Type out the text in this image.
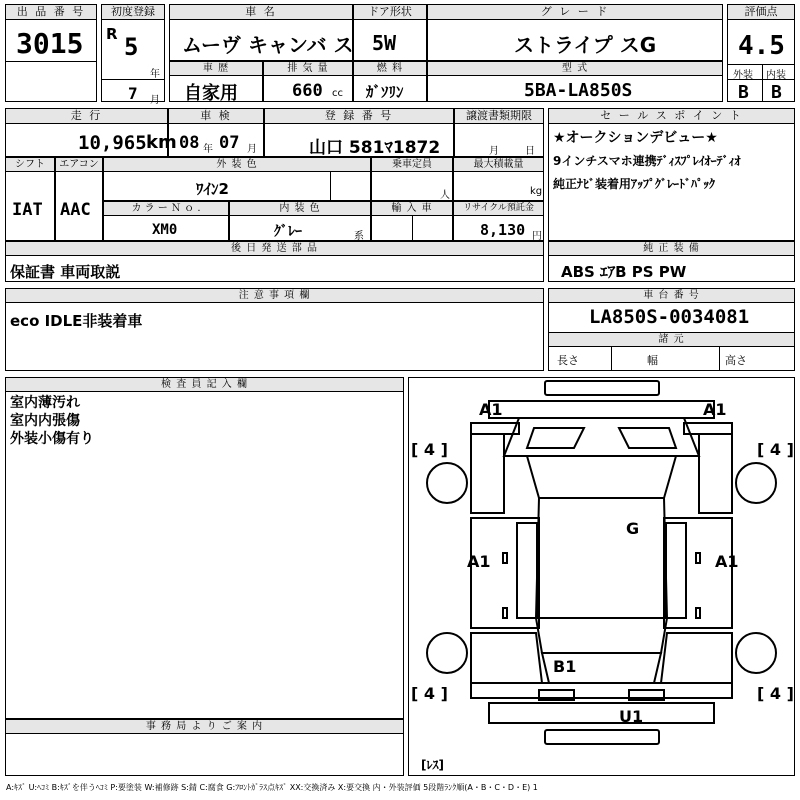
出 品 番 号
3015
初度登録
R 5
年
7 月
車 名
ムーヴ キャンバ ス
ドア形状
5W
グ レ ー ド
ストライプ スG
評価点
4.5
外装 内装
B B
車 歴
自家用
排 気 量
660 cc
燃 料
ｶﾞｿﾘﾝ
型 式
5BA-LA850S
走 行
10,965 km
車 検
08 年 07 月
登 録 番 号
山口 581ﾏ1872
譲渡書類期限
月	日
セ ー ル ス ポ イ ン ト
★オークションデビュー★
9インチスマホ連携ﾃﾞｨｽﾌﾟﾚｲｵｰﾃﾞｨｵ
純正ﾅﾋﾞ装着用ｱｯﾌﾟｸﾞﾚｰﾄﾞﾊﾟｯｸ
シフト
IAT
エアコン
AAC
外 装 色
ﾜｲﾝ2
乗車定員
人
最大積載量
kg
カ ラ ー Ｎ ｏ .
XM0
内 装 色
ｸﾞﾚｰ	系
輸 入 車	リサイクル預託金
8,130 円
後 日 発 送 部 品
保証書 車両取説
純 正 装 備
ABS ｴｱB PS PW
注 意 事 項 欄
eco IDLE非装着車
車 台 番 号
LA850S-0034081
諸 元
長さ	幅	高さ
検 査 員 記 入 欄
室内薄汚れ
室内内張傷
外装小傷有り
事 務 局 よ り ご 案 内
A1	A1
A1	A1
G
B1
U1
[ 4 ]	[ 4 ]
[ 4 ]	[ 4 ]
[ﾚｽ]
A:ｷｽﾞ U:ﾍｺﾐ B:ｷｽﾞを伴うﾍｺﾐ P:要塗装 W:補修跡 S:錆 C:腐食 G:ﾌﾛﾝﾄｶﾞﾗｽ点ｷｽﾞ XX:交換済み X:要交換 内・外装評価 5段階ﾗﾝｸ順(A・B・C・D・E) 1
